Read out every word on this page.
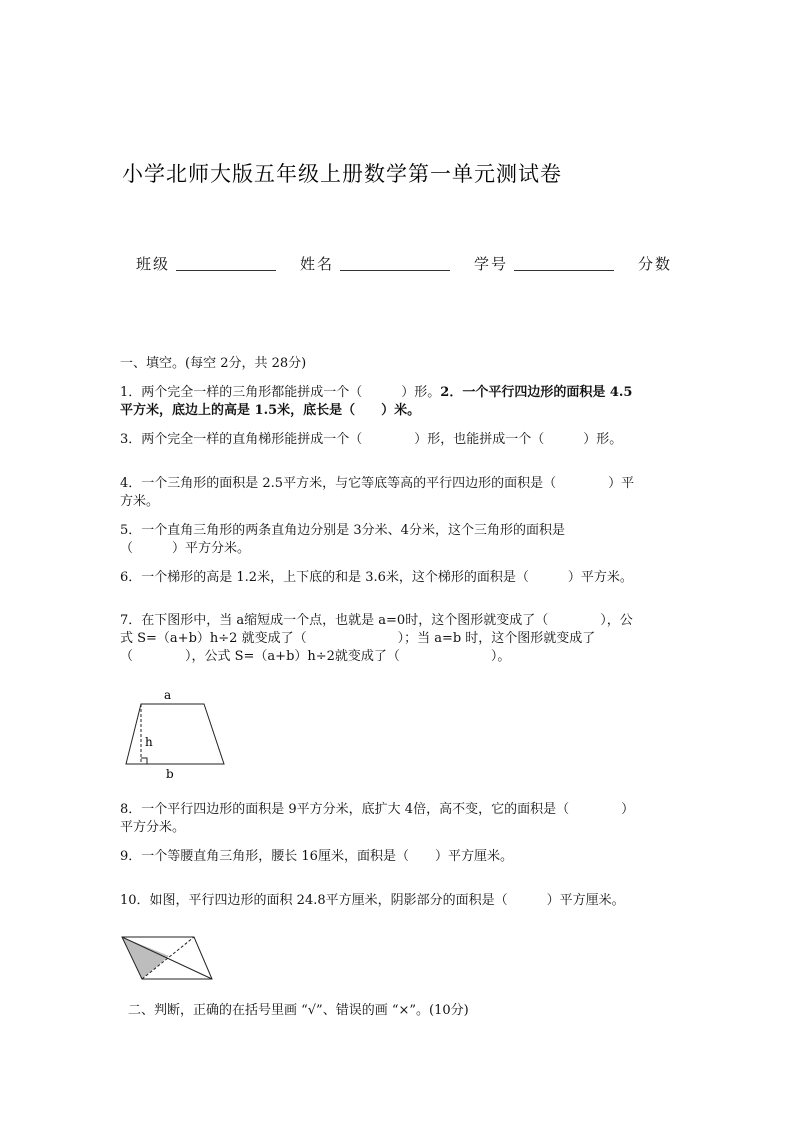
小学北师大版五年级上册数学第一单元测试卷
班级	姓名	学号	分数
一、填空。(每空 2分，共 28分)
1．两个完全一样的三角形都能拼成一个（　　　）形。2．一个平行四边形的面积是 4.5
平方米，底边上的高是 1.5米，底长是（　　）米。
3．两个完全一样的直角梯形能拼成一个（　　　　）形，也能拼成一个（　　　）形。
4．一个三角形的面积是 2.5平方米，与它等底等高的平行四边形的面积是（　　　　）平
方米。
5．一个直角三角形的两条直角边分别是 3分米、4分米，这个三角形的面积是
（　　　）平方分米。
6．一个梯形的高是 1.2米，上下底的和是 3.6米，这个梯形的面积是（　　　）平方米。
7．在下图形中，当 a缩短成一个点，也就是 a=0时，这个图形就变成了（　　　　），公
式 S=（a+b）h÷2 就变成了（　　　　　　　）；当 a=b 时，这个图形就变成了
（　　　　），公式 S=（a+b）h÷2就变成了（　　　　　　　）。
a
h
b
8．一个平行四边形的面积是 9平方分米，底扩大 4倍，高不变，它的面积是（　　　　）
平方分米。
9．一个等腰直角三角形，腰长 16厘米，面积是（　　）平方厘米。
10．如图，平行四边形的面积 24.8平方厘米，阴影部分的面积是（　　　）平方厘米。
二、判断，正确的在括号里画 “√”、错误的画 “×”。(10分)
